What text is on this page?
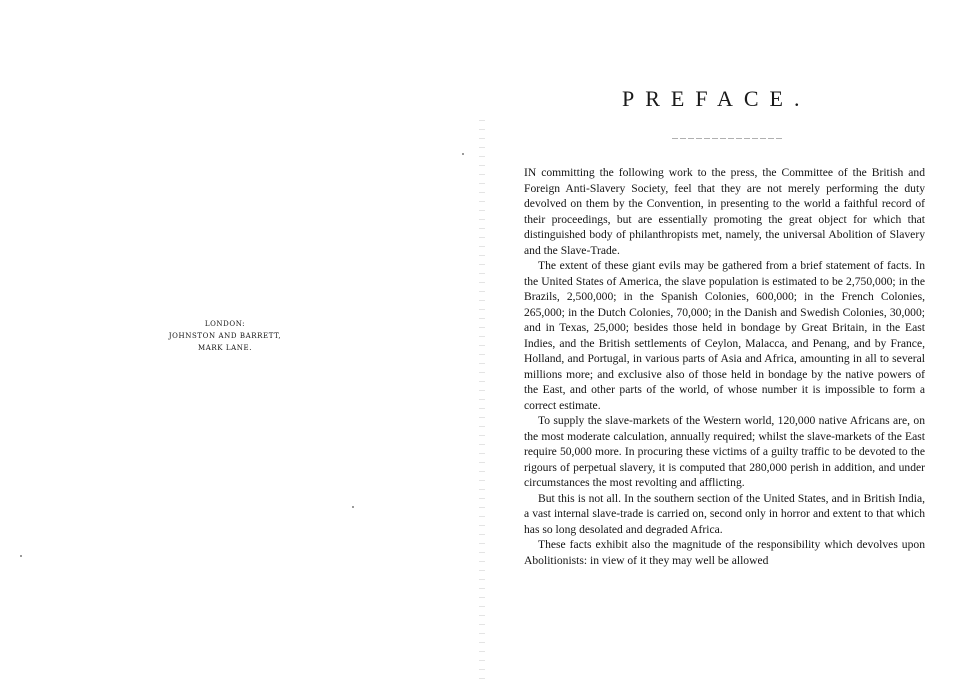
LONDON:
JOHNSTON AND BARRETT,
MARK LANE.
PREFACE.

IN committing the following work to the press, the Committee of the British and Foreign Anti-Slavery Society, feel that they are not merely performing the duty devolved on them by the Convention, in presenting to the world a faithful record of their proceedings, but are essentially promoting the great object for which that distinguished body of philanthropists met, namely, the universal Abolition of Slavery and the Slave-Trade.

The extent of these giant evils may be gathered from a brief statement of facts. In the United States of America, the slave population is estimated to be 2,750,000; in the Brazils, 2,500,000; in the Spanish Colonies, 600,000; in the French Colonies, 265,000; in the Dutch Colonies, 70,000; in the Danish and Swedish Colonies, 30,000; and in Texas, 25,000; besides those held in bondage by Great Britain, in the East Indies, and the British settlements of Ceylon, Malacca, and Penang, and by France, Holland, and Portugal, in various parts of Asia and Africa, amounting in all to several millions more; and exclusive also of those held in bondage by the native powers of the East, and other parts of the world, of whose number it is impossible to form a correct estimate.

To supply the slave-markets of the Western world, 120,000 native Africans are, on the most moderate calculation, annually required; whilst the slave-markets of the East require 50,000 more. In procuring these victims of a guilty traffic to be devoted to the rigours of perpetual slavery, it is computed that 280,000 perish in addition, and under circumstances the most revolting and afflicting.

But this is not all. In the southern section of the United States, and in British India, a vast internal slave-trade is carried on, second only in horror and extent to that which has so long desolated and degraded Africa.

These facts exhibit also the magnitude of the responsibility which devolves upon Abolitionists: in view of it they may well be allowed
